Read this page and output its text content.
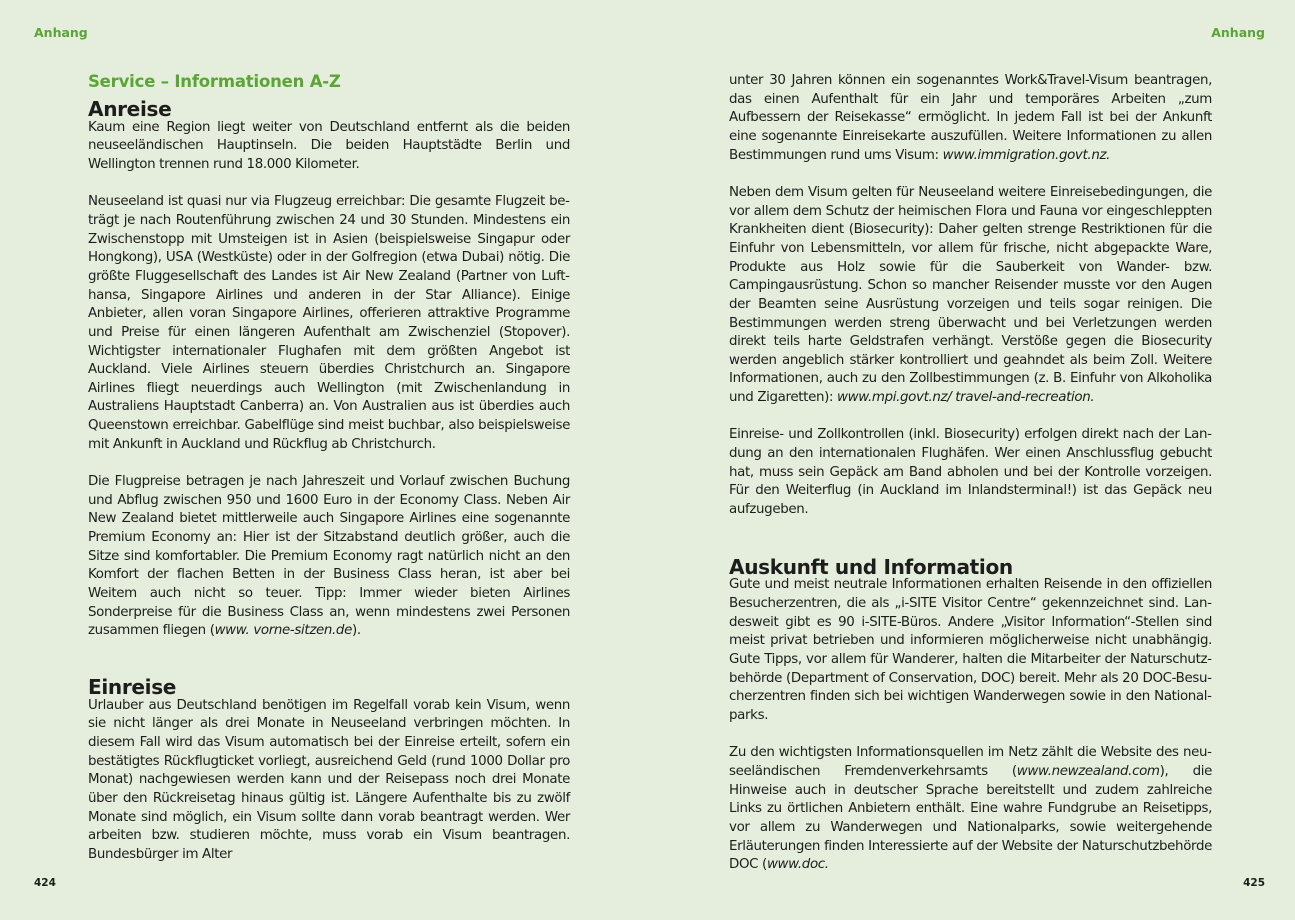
Anhang	Anhang
Service – Informationen A-Z
Anreise

Kaum eine Region liegt weiter von Deutschland entfernt als die beiden neuseeländischen Hauptinseln. Die beiden Hauptstädte Berlin und Wellington trennen rund 18.000 Kilometer.

Neuseeland ist quasi nur via Flugzeug erreichbar: Die gesamte Flugzeit beträgt je nach Routenführung zwischen 24 und 30 Stunden. Mindestens ein Zwischenstopp mit Umsteigen ist in Asien (beispielsweise Singapur oder Hongkong), USA (Westküste) oder in der Golfregion (etwa Dubai) nötig. Die größte Fluggesellschaft des Landes ist Air New Zealand (Partner von Lufthansa, Singapore Airlines und anderen in der Star Alliance). Einige Anbieter, allen voran Singapore Airlines, offerieren attraktive Programme und Preise für einen längeren Aufenthalt am Zwischenziel (Stopover). Wichtigster internationaler Flughafen mit dem größten Angebot ist Auckland. Viele Airlines steuern überdies Christchurch an. Singapore Airlines fliegt neuerdings auch Wellington (mit Zwischenlandung in Australiens Hauptstadt Canberra) an. Von Australien aus ist überdies auch Queenstown erreichbar. Gabelflüge sind meist buchbar, also beispielsweise mit Ankunft in Auckland und Rückflug ab Christchurch.

Die Flugpreise betragen je nach Jahreszeit und Vorlauf zwischen Buchung und Abflug zwischen 950 und 1600 Euro in der Economy Class. Neben Air New Zealand bietet mittlerweile auch Singapore Airlines eine sogenannte Premium Economy an: Hier ist der Sitzabstand deutlich größer, auch die Sitze sind komfortabler. Die Premium Economy ragt natürlich nicht an den Komfort der flachen Betten in der Business Class heran, ist aber bei Weitem auch nicht so teuer. Tipp: Immer wieder bieten Airlines Sonderpreise für die Business Class an, wenn mindestens zwei Personen zusammen fliegen (www. vorne-sitzen.de).

Einreise

Urlauber aus Deutschland benötigen im Regelfall vorab kein Visum, wenn sie nicht länger als drei Monate in Neuseeland verbringen möchten. In diesem Fall wird das Visum automatisch bei der Einreise erteilt, sofern ein bestätigtes Rückflugticket vorliegt, ausreichend Geld (rund 1000 Dollar pro Monat) nachgewiesen werden kann und der Reisepass noch drei Monate über den Rückreisetag hinaus gültig ist. Längere Aufenthalte bis zu zwölf Monate sind möglich, ein Visum sollte dann vorab beantragt werden. Wer arbeiten bzw. studieren möchte, muss vorab ein Visum beantragen. Bundesbürger im Alter

unter 30 Jahren können ein sogenanntes Work&Travel-Visum beantragen, das einen Aufenthalt für ein Jahr und temporäres Arbeiten „zum Aufbessern der Reisekasse“ ermöglicht. In jedem Fall ist bei der Ankunft eine sogenannte Einreisekarte auszufüllen. Weitere Informationen zu allen Bestimmungen rund ums Visum: www.immigration.govt.nz.

Neben dem Visum gelten für Neuseeland weitere Einreisebedingungen, die vor allem dem Schutz der heimischen Flora und Fauna vor eingeschleppten Krankheiten dient (Biosecurity): Daher gelten strenge Restriktionen für die Einfuhr von Lebensmitteln, vor allem für frische, nicht abgepackte Ware, Produkte aus Holz sowie für die Sauberkeit von Wander- bzw. Campingausrüstung. Schon so mancher Reisender musste vor den Augen der Beamten seine Ausrüstung vorzeigen und teils sogar reinigen. Die Bestimmungen werden streng überwacht und bei Verletzungen werden direkt teils harte Geldstrafen verhängt. Verstöße gegen die Biosecurity werden angeblich stärker kontrolliert und geahndet als beim Zoll. Weitere Informationen, auch zu den Zollbestimmungen (z. B. Einfuhr von Alkoholika und Zigaretten): www.mpi.govt.nz/ travel-and-recreation.

Einreise- und Zollkontrollen (inkl. Biosecurity) erfolgen direkt nach der Landung an den internationalen Flughäfen. Wer einen Anschlussflug gebucht hat, muss sein Gepäck am Band abholen und bei der Kontrolle vorzeigen. Für den Weiterflug (in Auckland im Inlandsterminal!) ist das Gepäck neu aufzugeben.

Auskunft und Information

Gute und meist neutrale Informationen erhalten Reisende in den offiziellen Besucherzentren, die als „i-SITE Visitor Centre“ gekennzeichnet sind. Landesweit gibt es 90 i-SITE-Büros. Andere „Visitor Information“-Stellen sind meist privat betrieben und informieren möglicherweise nicht unabhängig. Gute Tipps, vor allem für Wanderer, halten die Mitarbeiter der Naturschutzbehörde (Department of Conservation, DOC) bereit. Mehr als 20 DOC-Besucherzentren finden sich bei wichtigen Wanderwegen sowie in den Nationalparks.

Zu den wichtigsten Informationsquellen im Netz zählt die Website des neuseeländischen Fremdenverkehrsamts (www.newzealand.com), die Hinweise auch in deutscher Sprache bereitstellt und zudem zahlreiche Links zu örtlichen Anbietern enthält. Eine wahre Fundgrube an Reisetipps, vor allem zu Wanderwegen und Nationalparks, sowie weitergehende Erläuterungen finden Interessierte auf der Website der Naturschutzbehörde DOC (www.doc.

424	425
